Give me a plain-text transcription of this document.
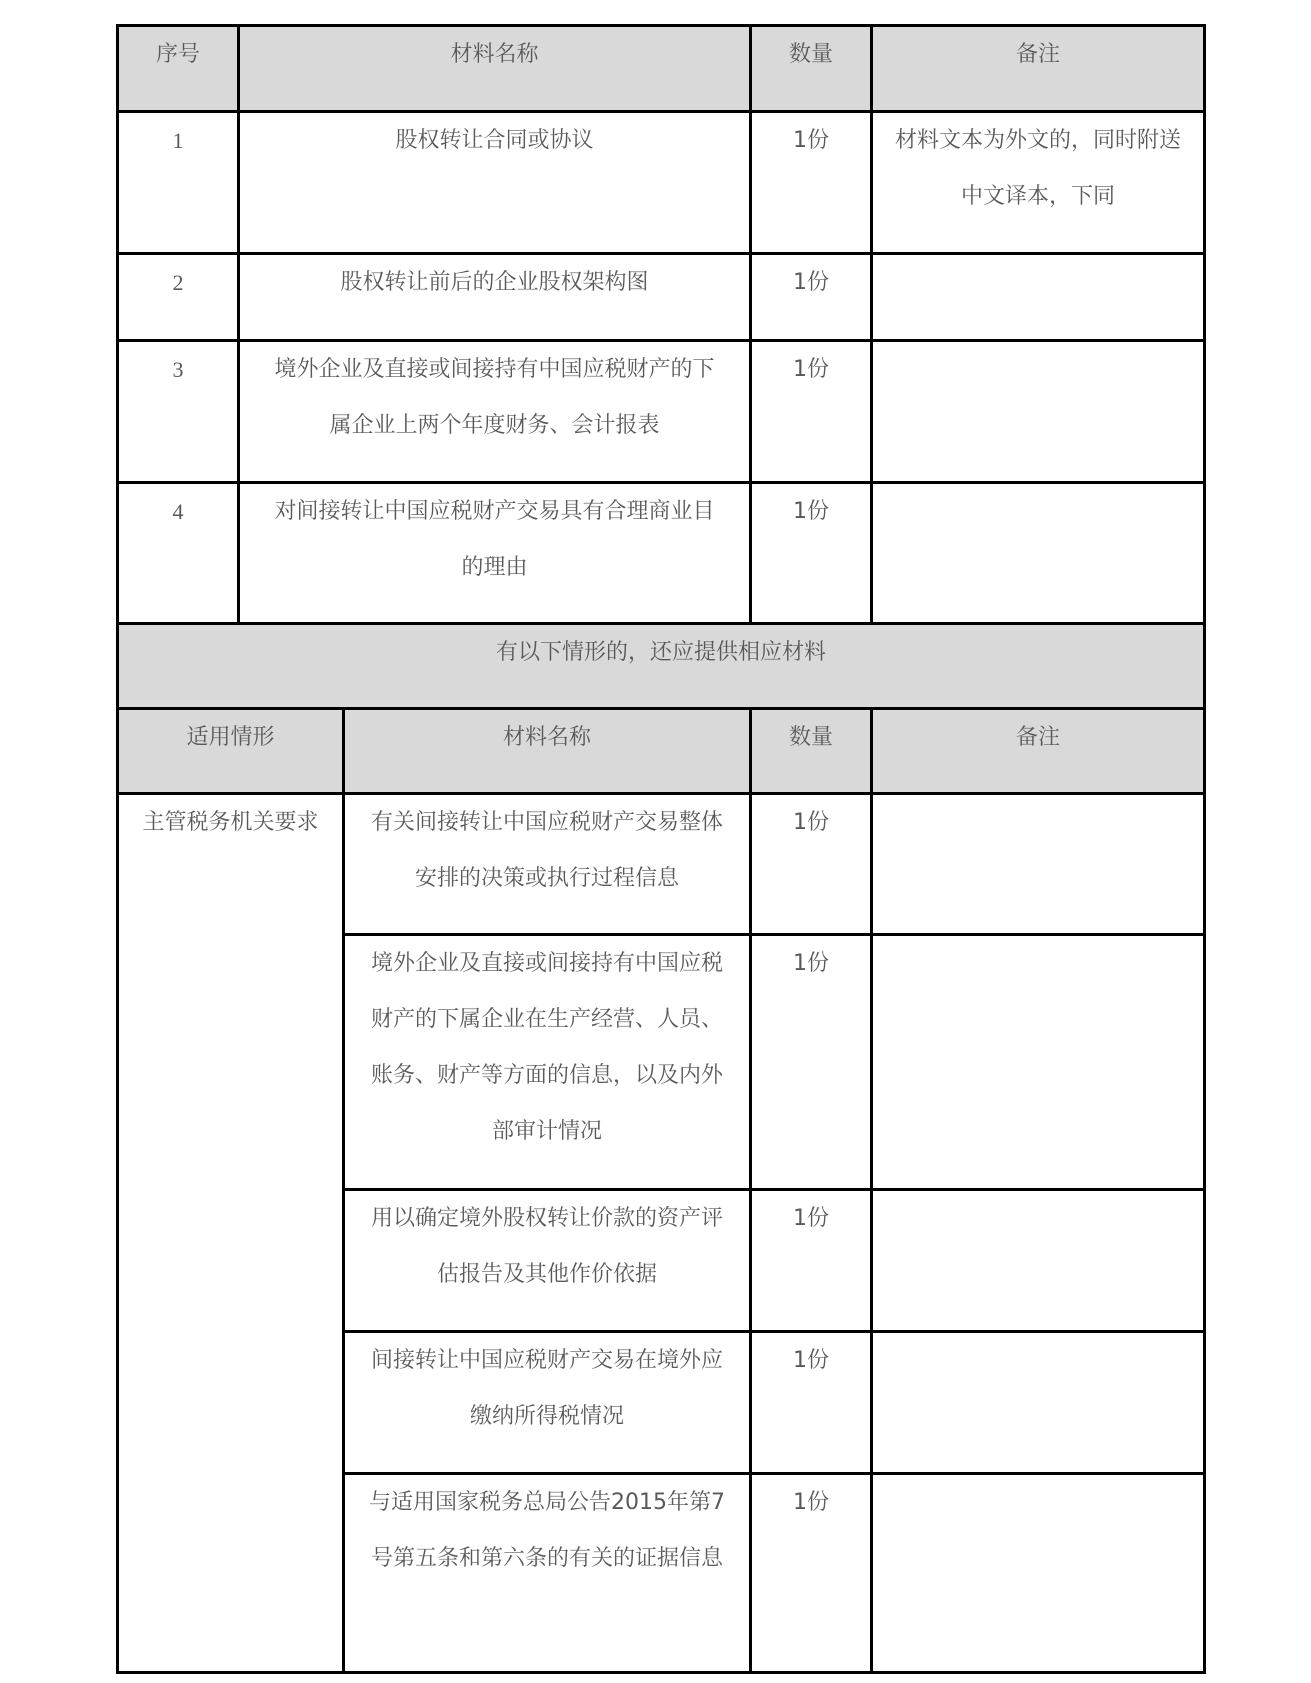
序号	材料名称		数量	备注
1	股权转让合同或协议		1份	材料文本为外文的，同时附送中文译本，下同
2	股权转让前后的企业股权架构图		1份	
3	境外企业及直接或间接持有中国应税财产的下属企业上两个年度财务、会计报表		1份	
4	对间接转让中国应税财产交易具有合理商业目的理由		1份	
有以下情形的，还应提供相应材料				
适用情形		材料名称	数量	备注
主管税务机关要求		有关间接转让中国应税财产交易整体安排的决策或执行过程信息	1份	
		境外企业及直接或间接持有中国应税财产的下属企业在生产经营、人员、账务、财产等方面的信息，以及内外部审计情况	1份	
		用以确定境外股权转让价款的资产评估报告及其他作价依据	1份	
		间接转让中国应税财产交易在境外应缴纳所得税情况	1份	
		与适用国家税务总局公告2015年第7号第五条和第六条的有关的证据信息	1份	
